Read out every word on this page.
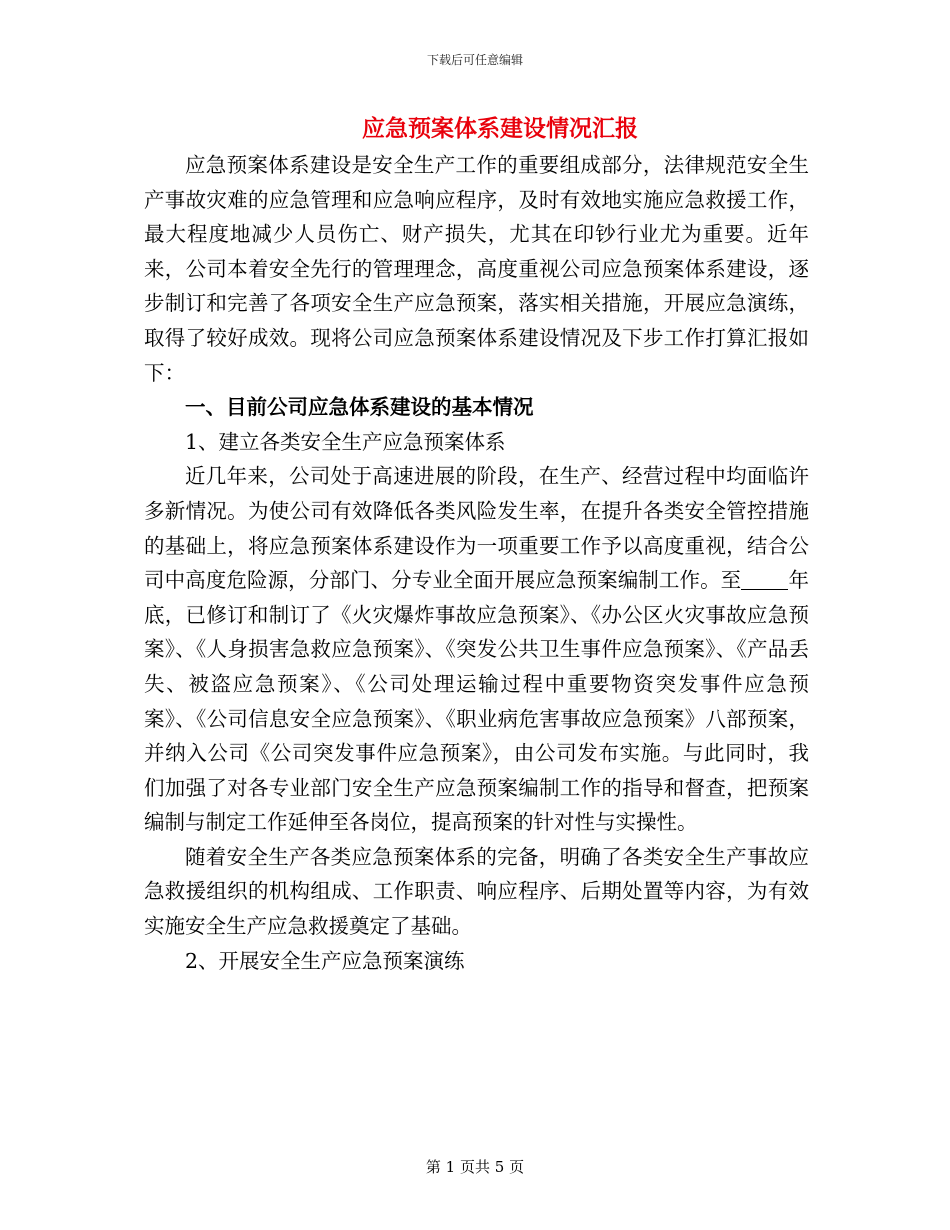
下载后可任意编辑
应急预案体系建设情况汇报

应急预案体系建设是安全生产工作的重要组成部分，法律规范安全生产事故灾难的应急管理和应急响应程序，及时有效地实施应急救援工作，最大程度地减少人员伤亡、财产损失，尤其在印钞行业尤为重要。近年来，公司本着安全先行的管理理念，高度重视公司应急预案体系建设，逐步制订和完善了各项安全生产应急预案，落实相关措施，开展应急演练，取得了较好成效。现将公司应急预案体系建设情况及下步工作打算汇报如下：

一、目前公司应急体系建设的基本情况

1、建立各类安全生产应急预案体系

近几年来，公司处于高速进展的阶段，在生产、经营过程中均面临许多新情况。为使公司有效降低各类风险发生率，在提升各类安全管控措施的基础上，将应急预案体系建设作为一项重要工作予以高度重视，结合公司中高度危险源，分部门、分专业全面开展应急预案编制工作。至 年底，已修订和制订了《火灾爆炸事故应急预案》、《办公区火灾事故应急预案》、《人身损害急救应急预案》、《突发公共卫生事件应急预案》、《产品丢失、被盗应急预案》、《公司处理运输过程中重要物资突发事件应急预案》、《公司信息安全应急预案》、《职业病危害事故应急预案》八部预案，并纳入公司《公司突发事件应急预案》，由公司发布实施。与此同时，我们加强了对各专业部门安全生产应急预案编制工作的指导和督查，把预案编制与制定工作延伸至各岗位，提高预案的针对性与实操性。

随着安全生产各类应急预案体系的完备，明确了各类安全生产事故应急救援组织的机构组成、工作职责、响应程序、后期处置等内容，为有效实施安全生产应急救援奠定了基础。

2、开展安全生产应急预案演练

第 1 页共 5 页
